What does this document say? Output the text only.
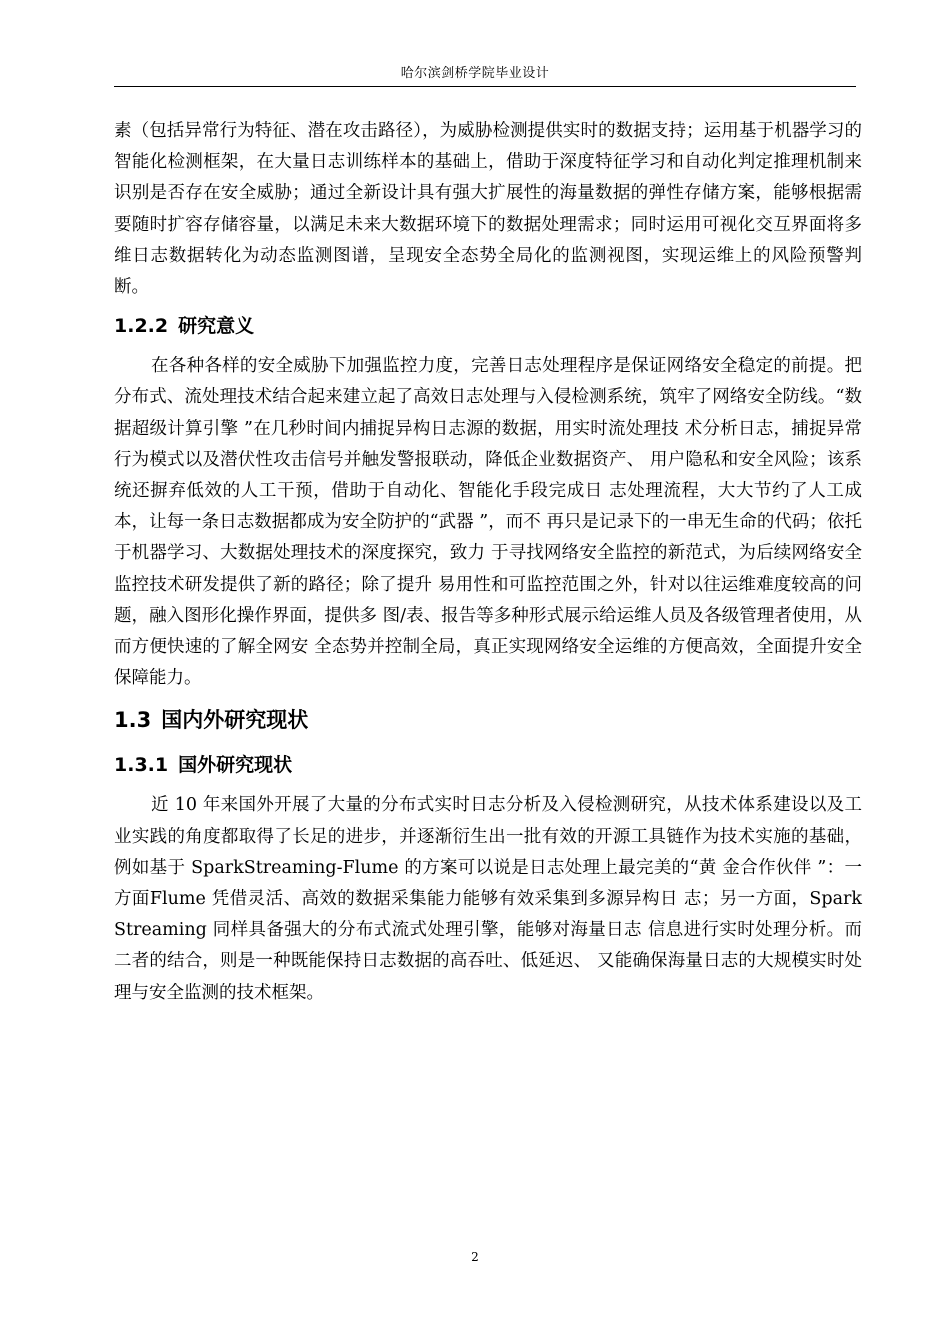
哈尔滨剑桥学院毕业设计

素（包括异常行为特征、潜在攻击路径），为威胁检测提供实时的数据支持；运用基于机器学习的智能化检测框架，在大量日志训练样本的基础上，借助于深度特征学习和自动化判定推理机制来识别是否存在安全威胁；通过全新设计具有强大扩展性的海量数据的弹性存储方案，能够根据需要随时扩容存储容量，以满足未来大数据环境下的数据处理需求；同时运用可视化交互界面将多维日志数据转化为动态监测图谱，呈现安全态势全局化的监测视图，实现运维上的风险预警判断。

1.2.2 研究意义

在各种各样的安全威胁下加强监控力度，完善日志处理程序是保证网络安全稳定的前提。把分布式、流处理技术结合起来建立起了高效日志处理与入侵检测系统，筑牢了网络安全防线。“数据超级计算引擎 ”在几秒时间内捕捉异构日志源的数据，用实时流处理技 术分析日志，捕捉异常行为模式以及潜伏性攻击信号并触发警报联动，降低企业数据资产、 用户隐私和安全风险；该系统还摒弃低效的人工干预，借助于自动化、智能化手段完成日 志处理流程，大大节约了人工成本，让每一条日志数据都成为安全防护的“武器 ”，而不 再只是记录下的一串无生命的代码；依托于机器学习、大数据处理技术的深度探究，致力 于寻找网络安全监控的新范式，为后续网络安全监控技术研发提供了新的路径；除了提升 易用性和可监控范围之外，针对以往运维难度较高的问题，融入图形化操作界面，提供多 图/表、报告等多种形式展示给运维人员及各级管理者使用，从而方便快速的了解全网安 全态势并控制全局，真正实现网络安全运维的方便高效，全面提升安全保障能力。

1.3 国内外研究现状
1.3.1 国外研究现状

近 10 年来国外开展了大量的分布式实时日志分析及入侵检测研究，从技术体系建设以及工业实践的角度都取得了长足的进步，并逐渐衍生出一批有效的开源工具链作为技术实施的基础，例如基于 SparkStreaming-Flume 的方案可以说是日志处理上最完美的“黄 金合作伙伴 ”：一方面Flume 凭借灵活、高效的数据采集能力能够有效采集到多源异构日 志；另一方面，Spark Streaming 同样具备强大的分布式流式处理引擎，能够对海量日志 信息进行实时处理分析。而二者的结合，则是一种既能保持日志数据的高吞吐、低延迟、 又能确保海量日志的大规模实时处理与安全监测的技术框架。

2
